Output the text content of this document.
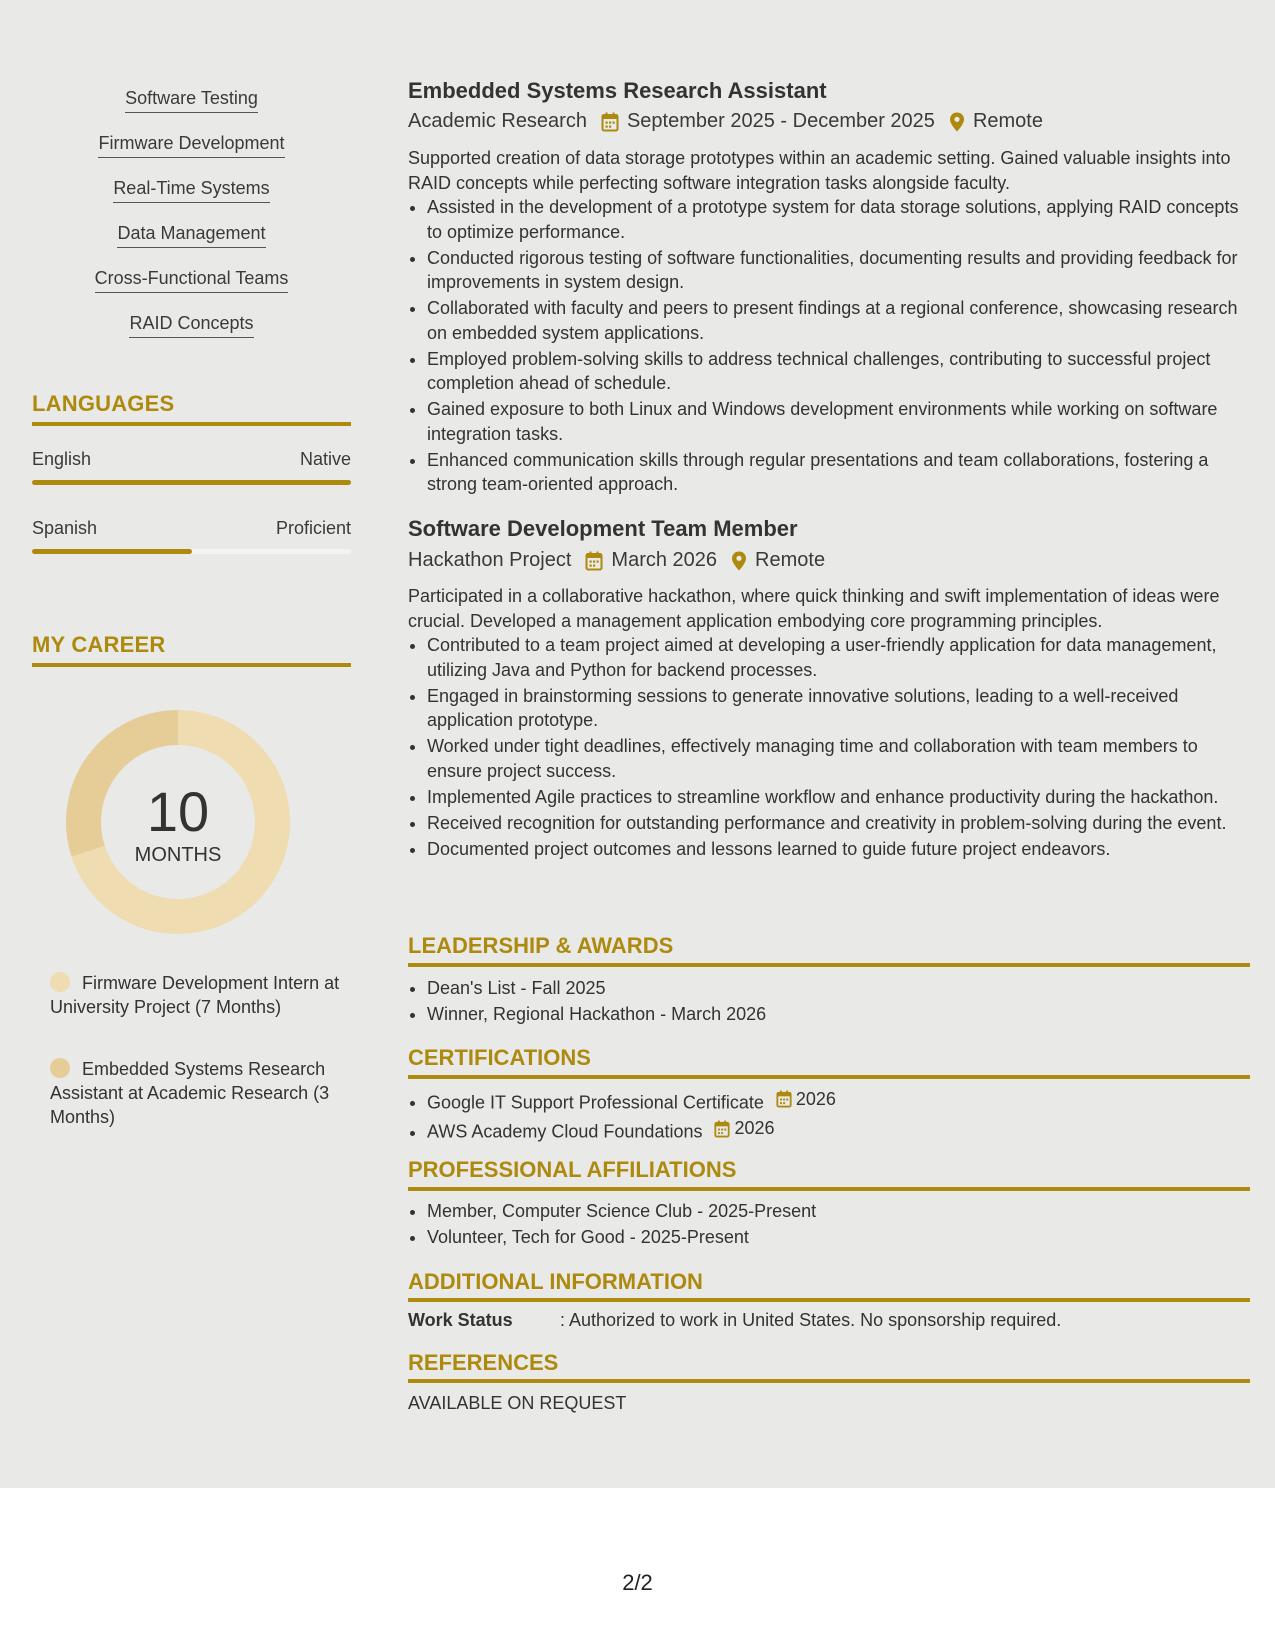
Software Testing
Firmware Development
Real-Time Systems
Data Management
Cross-Functional Teams
RAID Concepts
LANGUAGES
English	Native
Spanish	Proficient
MY CAREER
10
MONTHS
Firmware Development Intern at University Project (7 Months)
Embedded Systems Research Assistant at Academic Research (3 Months)
Embedded Systems Research Assistant
Academic Research September 2025 - December 2025 Remote
Supported creation of data storage prototypes within an academic setting. Gained valuable insights into RAID concepts while perfecting software integration tasks alongside faculty.
• Assisted in the development of a prototype system for data storage solutions, applying RAID concepts to optimize performance.
• Conducted rigorous testing of software functionalities, documenting results and providing feedback for improvements in system design.
• Collaborated with faculty and peers to present findings at a regional conference, showcasing research on embedded system applications.
• Employed problem-solving skills to address technical challenges, contributing to successful project completion ahead of schedule.
• Gained exposure to both Linux and Windows development environments while working on software integration tasks.
• Enhanced communication skills through regular presentations and team collaborations, fostering a strong team-oriented approach.
Software Development Team Member
Hackathon Project March 2026 Remote
Participated in a collaborative hackathon, where quick thinking and swift implementation of ideas were crucial. Developed a management application embodying core programming principles.
• Contributed to a team project aimed at developing a user-friendly application for data management, utilizing Java and Python for backend processes.
• Engaged in brainstorming sessions to generate innovative solutions, leading to a well-received application prototype.
• Worked under tight deadlines, effectively managing time and collaboration with team members to ensure project success.
• Implemented Agile practices to streamline workflow and enhance productivity during the hackathon.
• Received recognition for outstanding performance and creativity in problem-solving during the event.
• Documented project outcomes and lessons learned to guide future project endeavors.
LEADERSHIP & AWARDS
• Dean's List - Fall 2025
• Winner, Regional Hackathon - March 2026
CERTIFICATIONS
• Google IT Support Professional Certificate 2026
• AWS Academy Cloud Foundations 2026
PROFESSIONAL AFFILIATIONS
• Member, Computer Science Club - 2025-Present
• Volunteer, Tech for Good - 2025-Present
ADDITIONAL INFORMATION
Work Status	: Authorized to work in United States. No sponsorship required.
REFERENCES
AVAILABLE ON REQUEST
2/2
